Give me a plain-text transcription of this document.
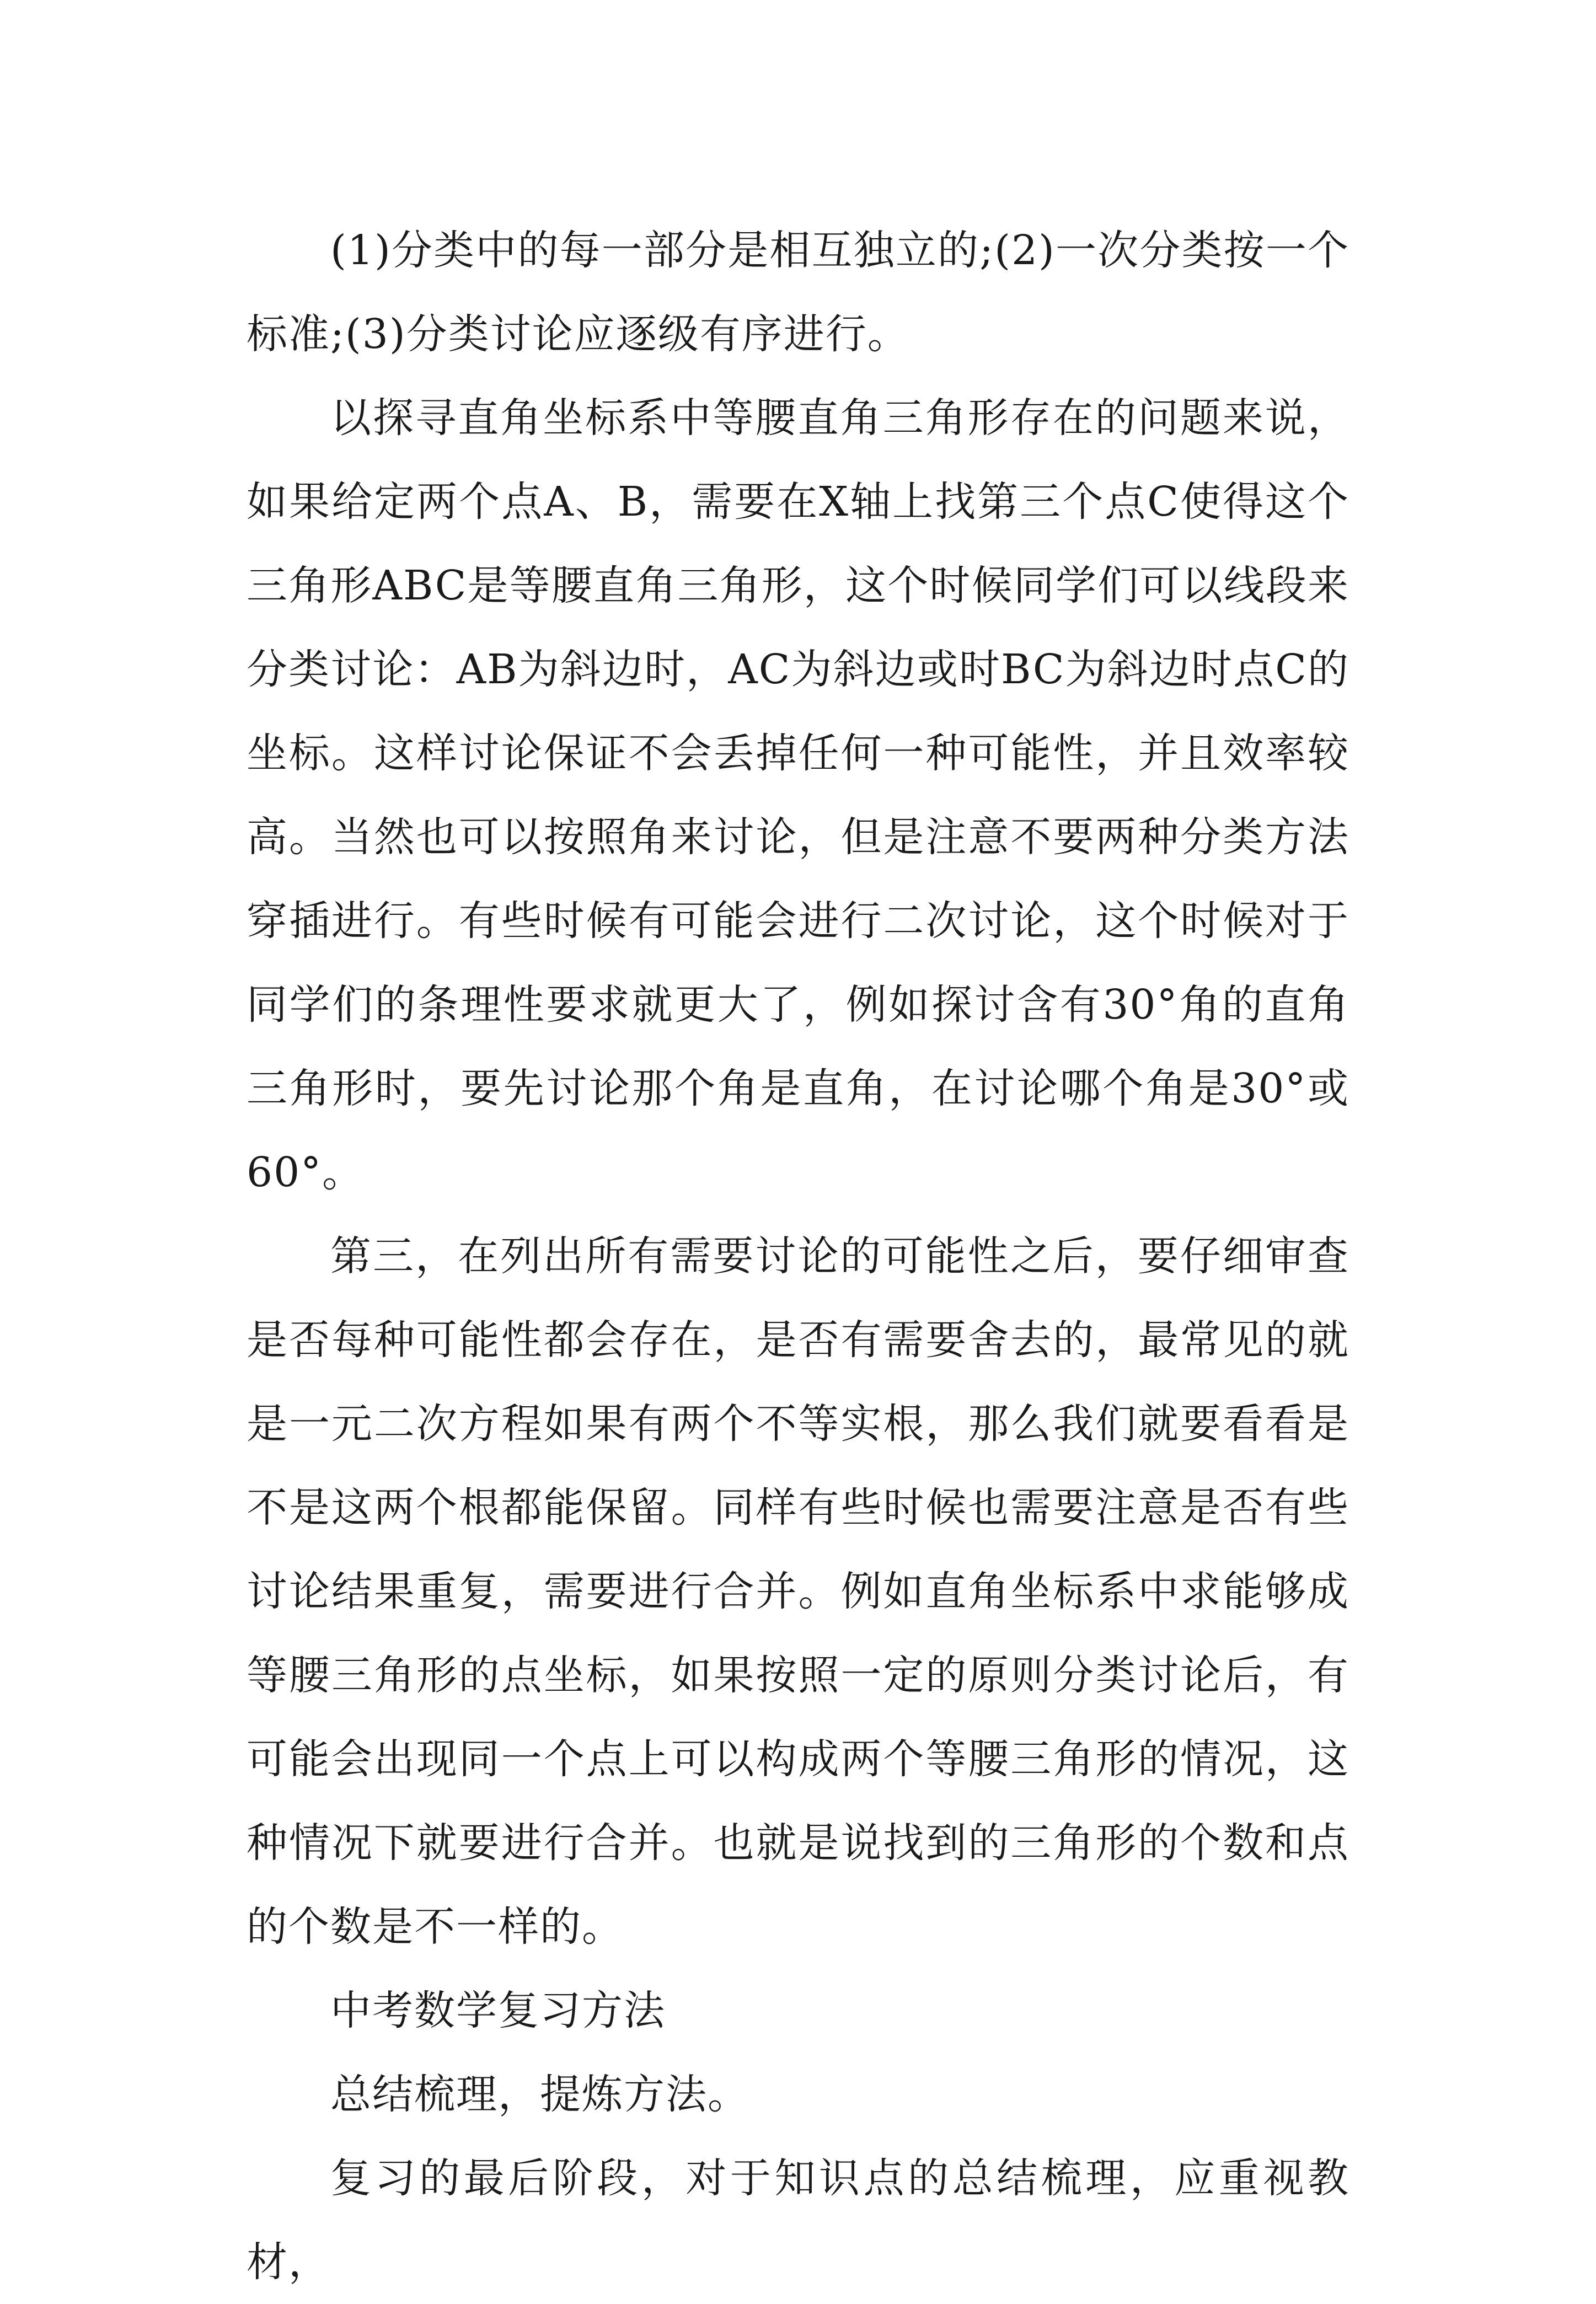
(1)分类中的每一部分是相互独立的;(2)一次分类按一个标准;(3)分类讨论应逐级有序进行。

以探寻直角坐标系中等腰直角三角形存在的问题来说，如果给定两个点A、B，需要在X轴上找第三个点C使得这个三角形ABC是等腰直角三角形，这个时候同学们可以线段来分类讨论：AB为斜边时，AC为斜边或时BC为斜边时点C的坐标。这样讨论保证不会丢掉任何一种可能性，并且效率较高。当然也可以按照角来讨论，但是注意不要两种分类方法穿插进行。有些时候有可能会进行二次讨论，这个时候对于同学们的条理性要求就更大了，例如探讨含有30°角的直角三角形时，要先讨论那个角是直角，在讨论哪个角是30°或60°。

第三，在列出所有需要讨论的可能性之后，要仔细审查是否每种可能性都会存在，是否有需要舍去的，最常见的就是一元二次方程如果有两个不等实根，那么我们就要看看是不是这两个根都能保留。同样有些时候也需要注意是否有些讨论结果重复，需要进行合并。例如直角坐标系中求能够成等腰三角形的点坐标，如果按照一定的原则分类讨论后，有可能会出现同一个点上可以构成两个等腰三角形的情况，这种情况下就要进行合并。也就是说找到的三角形的个数和点的个数是不一样的。

中考数学复习方法

总结梳理，提炼方法。

复习的最后阶段，对于知识点的总结梳理，应重视教材，
